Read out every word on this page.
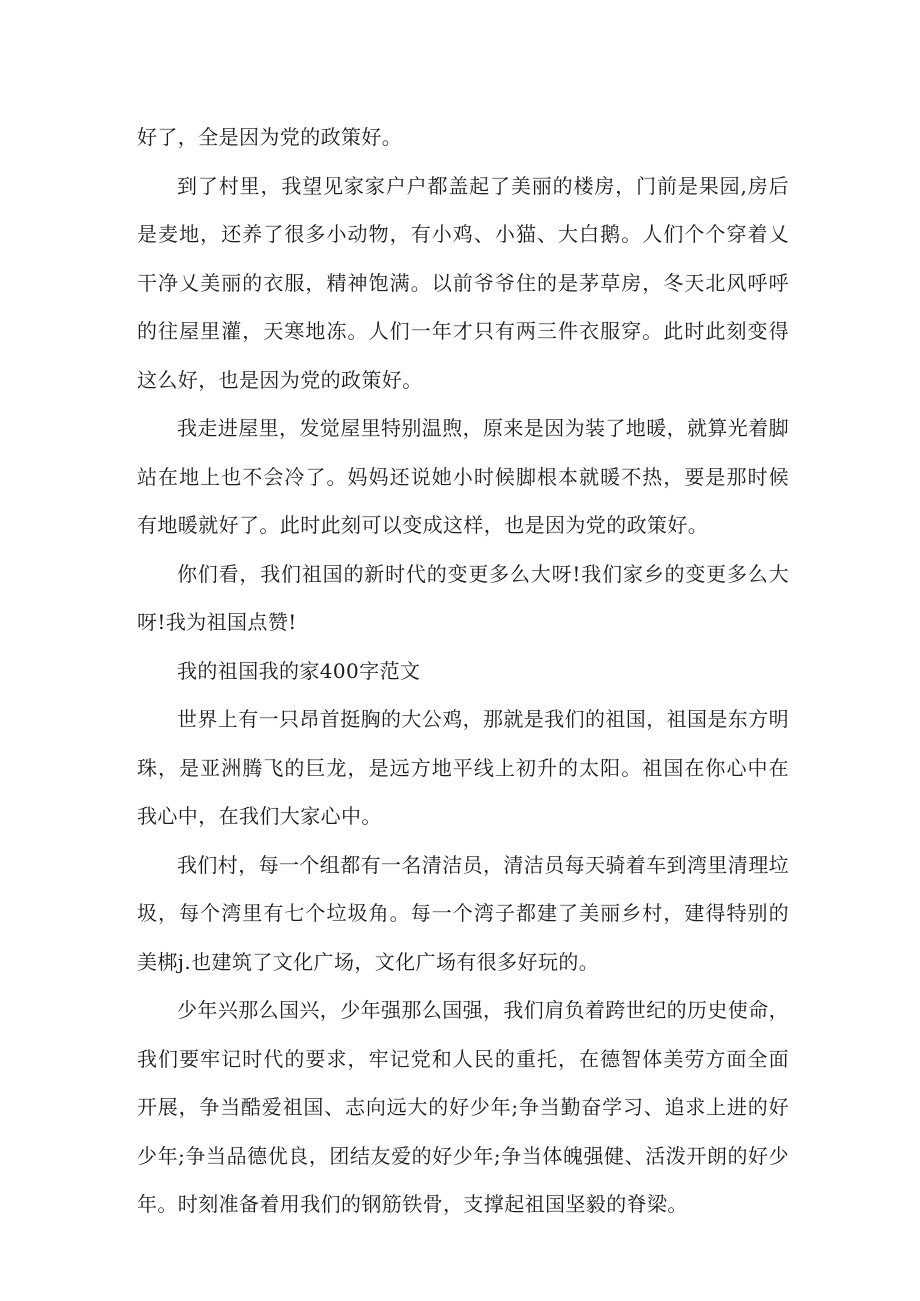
好了，全是因为党的政策好。

到了村里，我望见家家户户都盖起了美丽的楼房，门前是果园,房后是麦地，还养了很多小动物，有小鸡、小猫、大白鹅。人们个个穿着乂干净乂美丽的衣服，精神饱满。以前爷爷住的是茅草房，冬天北风呼呼的往屋里灌，天寒地冻。人们一年才只有两三件衣服穿。此时此刻变得这么好，也是因为党的政策好。

我走进屋里，发觉屋里特别温煦，原来是因为装了地暖，就算光着脚站在地上也不会冷了。妈妈还说她小时候脚根本就暖不热，要是那时候有地暖就好了。此时此刻可以变成这样，也是因为党的政策好。

你们看，我们祖国的新时代的变更多么大呀!我们家乡的变更多么大呀!我为祖国点赞!

我的祖国我的家400字范文

世界上有一只昂首挺胸的大公鸡，那就是我们的祖国，祖国是东方明珠，是亚洲腾飞的巨龙，是远方地平线上初升的太阳。祖国在你心中在我心中，在我们大家心中。

我们村，每一个组都有一名清洁员，清洁员每天骑着车到湾里清理垃圾，每个湾里有七个垃圾角。每一个湾子都建了美丽乡村，建得特别的美梆j.也建筑了文化广场，文化广场有很多好玩的。

少年兴那么国兴，少年强那么国强，我们肩负着跨世纪的历史使命，我们要牢记时代的要求，牢记党和人民的重托，在德智体美劳方面全面开展，争当酷爱祖国、志向远大的好少年;争当勤奋学习、追求上进的好少年;争当品德优良，团结友爱的好少年;争当体魄强健、活泼开朗的好少年。时刻准备着用我们的钢筋铁骨，支撑起祖国坚毅的脊梁。
